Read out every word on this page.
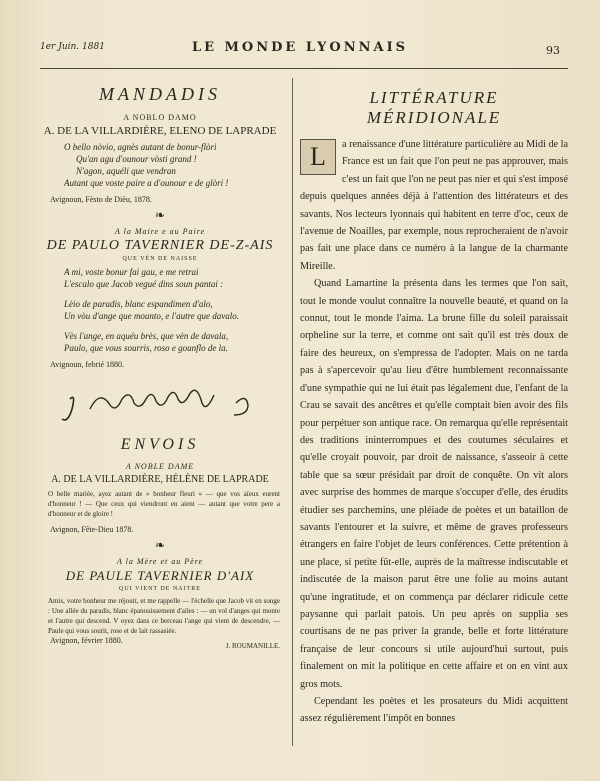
1er Juin. 1881	LE MONDE LYONNAIS	93
MANDADIS
A NOBLO DAMO
A. DE LA VILLARDIÈRE, ELENO DE LAPRADE
O bello nòvio, agnès autant de bonur-flòri
Qu'an agu d'ounour vòsti grand !
N'agon, aquéli que vendran
Autant que voste paire a d'ounour e de glòri !
Avignoun, Fèsto de Dièu, 1878.
❧
A la Maire e au Paire
DE PAULO TAVERNIER DE-Z-AIS
QUE VÈN DE NAISSE
A mi, voste bonur fai gau, e me retrai
L'escalo que Jacob vegué dins soun pantai :
Lèio de paradis, blanc espandimen d'alo,
Un vòu d'ange que mounto, e l'autre que davalo.
Vès l'ange, en aquéu brès, que vèn de davala,
Paulo, que vous sourris, roso e gounflo de la.
Avignoun, febrié 1880.
ENVOIS
A NOBLE DAME
A. DE LA VILLARDIÈRE, HÉLÈNE DE LAPRADE
O belle mariée, ayez autant de « bonheur fleuri » — que vos aïeux eurent d'honneur ! — Que ceux qui viendront en aient — autant que votre pere a d'honneur et de gloire !
Avignon, Fête-Dieu 1878.
❧
A la Mère et au Père
DE PAULE TAVERNIER D'AIX
QUI VIENT DE NAITRE
Amis, votre bonheur me réjouit, et me rappelle — l'échelle que Jacob vit en songe : Une allée du paradis, blanc épanouissement d'ailes : — un vol d'anges qui monte et l'autre qui descend. V oyez dans ce berceau l'ange qui vient de descendre, — Paule qui vous sourit, rose et de lait rassasiée.
Avignon, février 1880.
J. ROUMANILLE.
LITTÉRATURE MÉRIDIONALE

L	a renaissance d'une littérature particulière au Midi de la France est un fait que l'on peut ne pas approuver, mais c'est un fait que l'on ne peut pas nier et qui s'est imposé depuis quelques années déjà à l'attention des littérateurs et des savants. Nos lecteurs lyonnais qui habitent en terre d'oc, ceux de l'avenue de Noailles, par exemple, nous reprocheraient de n'avoir pas fait une place dans ce numéro à la langue de la charmante Mireille.

Quand Lamartine la présenta dans les termes que l'on sait, tout le monde voulut connaître la nouvelle beauté, et quand on la connut, tout le monde l'aima. La brune fille du soleil paraissait orpheline sur la terre, et comme ont sait qu'il est très doux de faire des heureux, on s'empressa de l'adopter. Mais on ne tarda pas à s'apercevoir qu'au lieu d'être humblement reconnaissante d'une sympathie qui ne lui était pas légalement due, l'enfant de la Crau se savait des ancêtres et qu'elle comptait bien avoir des fils pour perpétuer son antique race. On remarqua qu'elle représentait des traditions ininterrompues et des coutumes séculaires et qu'elle croyait pouvoir, par droit de naissance, s'asseoir à cette table que sa sœur présidait par droit de conquête. On vit alors avec surprise des hommes de marque s'occuper d'elle, des érudits étudier ses parchemins, une pléiade de poètes et un bataillon de savants l'entourer et la suivre, et même de graves professeurs étrangers en faire l'objet de leurs conférences. Cette prétention à une place, si petite fût-elle, auprès de la maîtresse indiscutable et indiscutée de la maison parut être une folie au moins autant qu'une ingratitude, et on commença par déclarer ridicule cette paysanne qui parlait patois. Un peu après on supplia ses courtisans de ne pas priver la grande, belle et forte littérature française de leur concours si utile aujourd'hui surtout, puis finalement on mit la politique en cette affaire et on en vint aux gros mots.

Cependant les poètes et les prosateurs du Midi acquittent assez régulièrement l'impôt en bonnes
